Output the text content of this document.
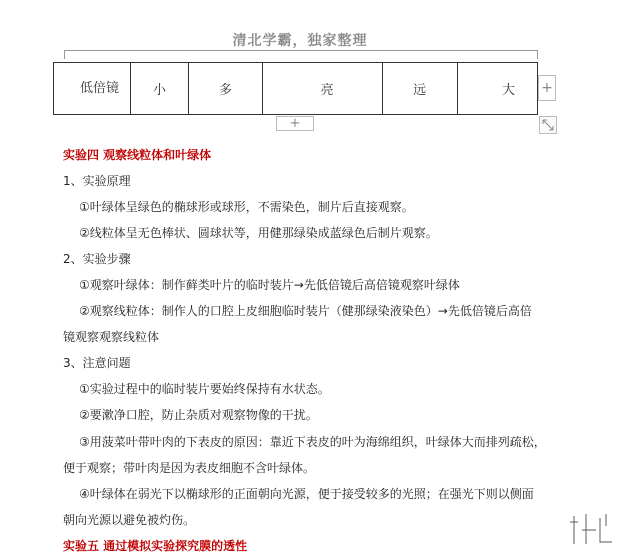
清北学霸，独家整理
低倍镜	小	多	亮	远	大 +
+
实验四 观察线粒体和叶绿体
1、实验原理
①叶绿体呈绿色的椭球形或球形，不需染色，制片后直接观察。
②线粒体呈无色棒状、圆球状等，用健那绿染成蓝绿色后制片观察。
2、实验步骤
①观察叶绿体：制作藓类叶片的临时装片→先低倍镜后高倍镜观察叶绿体
②观察线粒体：制作人的口腔上皮细胞临时装片（健那绿染液染色）→先低倍镜后高倍
镜观察观察线粒体
3、注意问题
①实验过程中的临时装片要始终保持有水状态。
②要漱净口腔，防止杂质对观察物像的干扰。
③用菠菜叶带叶肉的下表皮的原因：靠近下表皮的叶为海绵组织，叶绿体大而排列疏松，
便于观察；带叶肉是因为表皮细胞不含叶绿体。
④叶绿体在弱光下以椭球形的正面朝向光源，便于接受较多的光照；在强光下则以侧面
朝向光源以避免被灼伤。
实验五 通过模拟实验探究膜的透性
